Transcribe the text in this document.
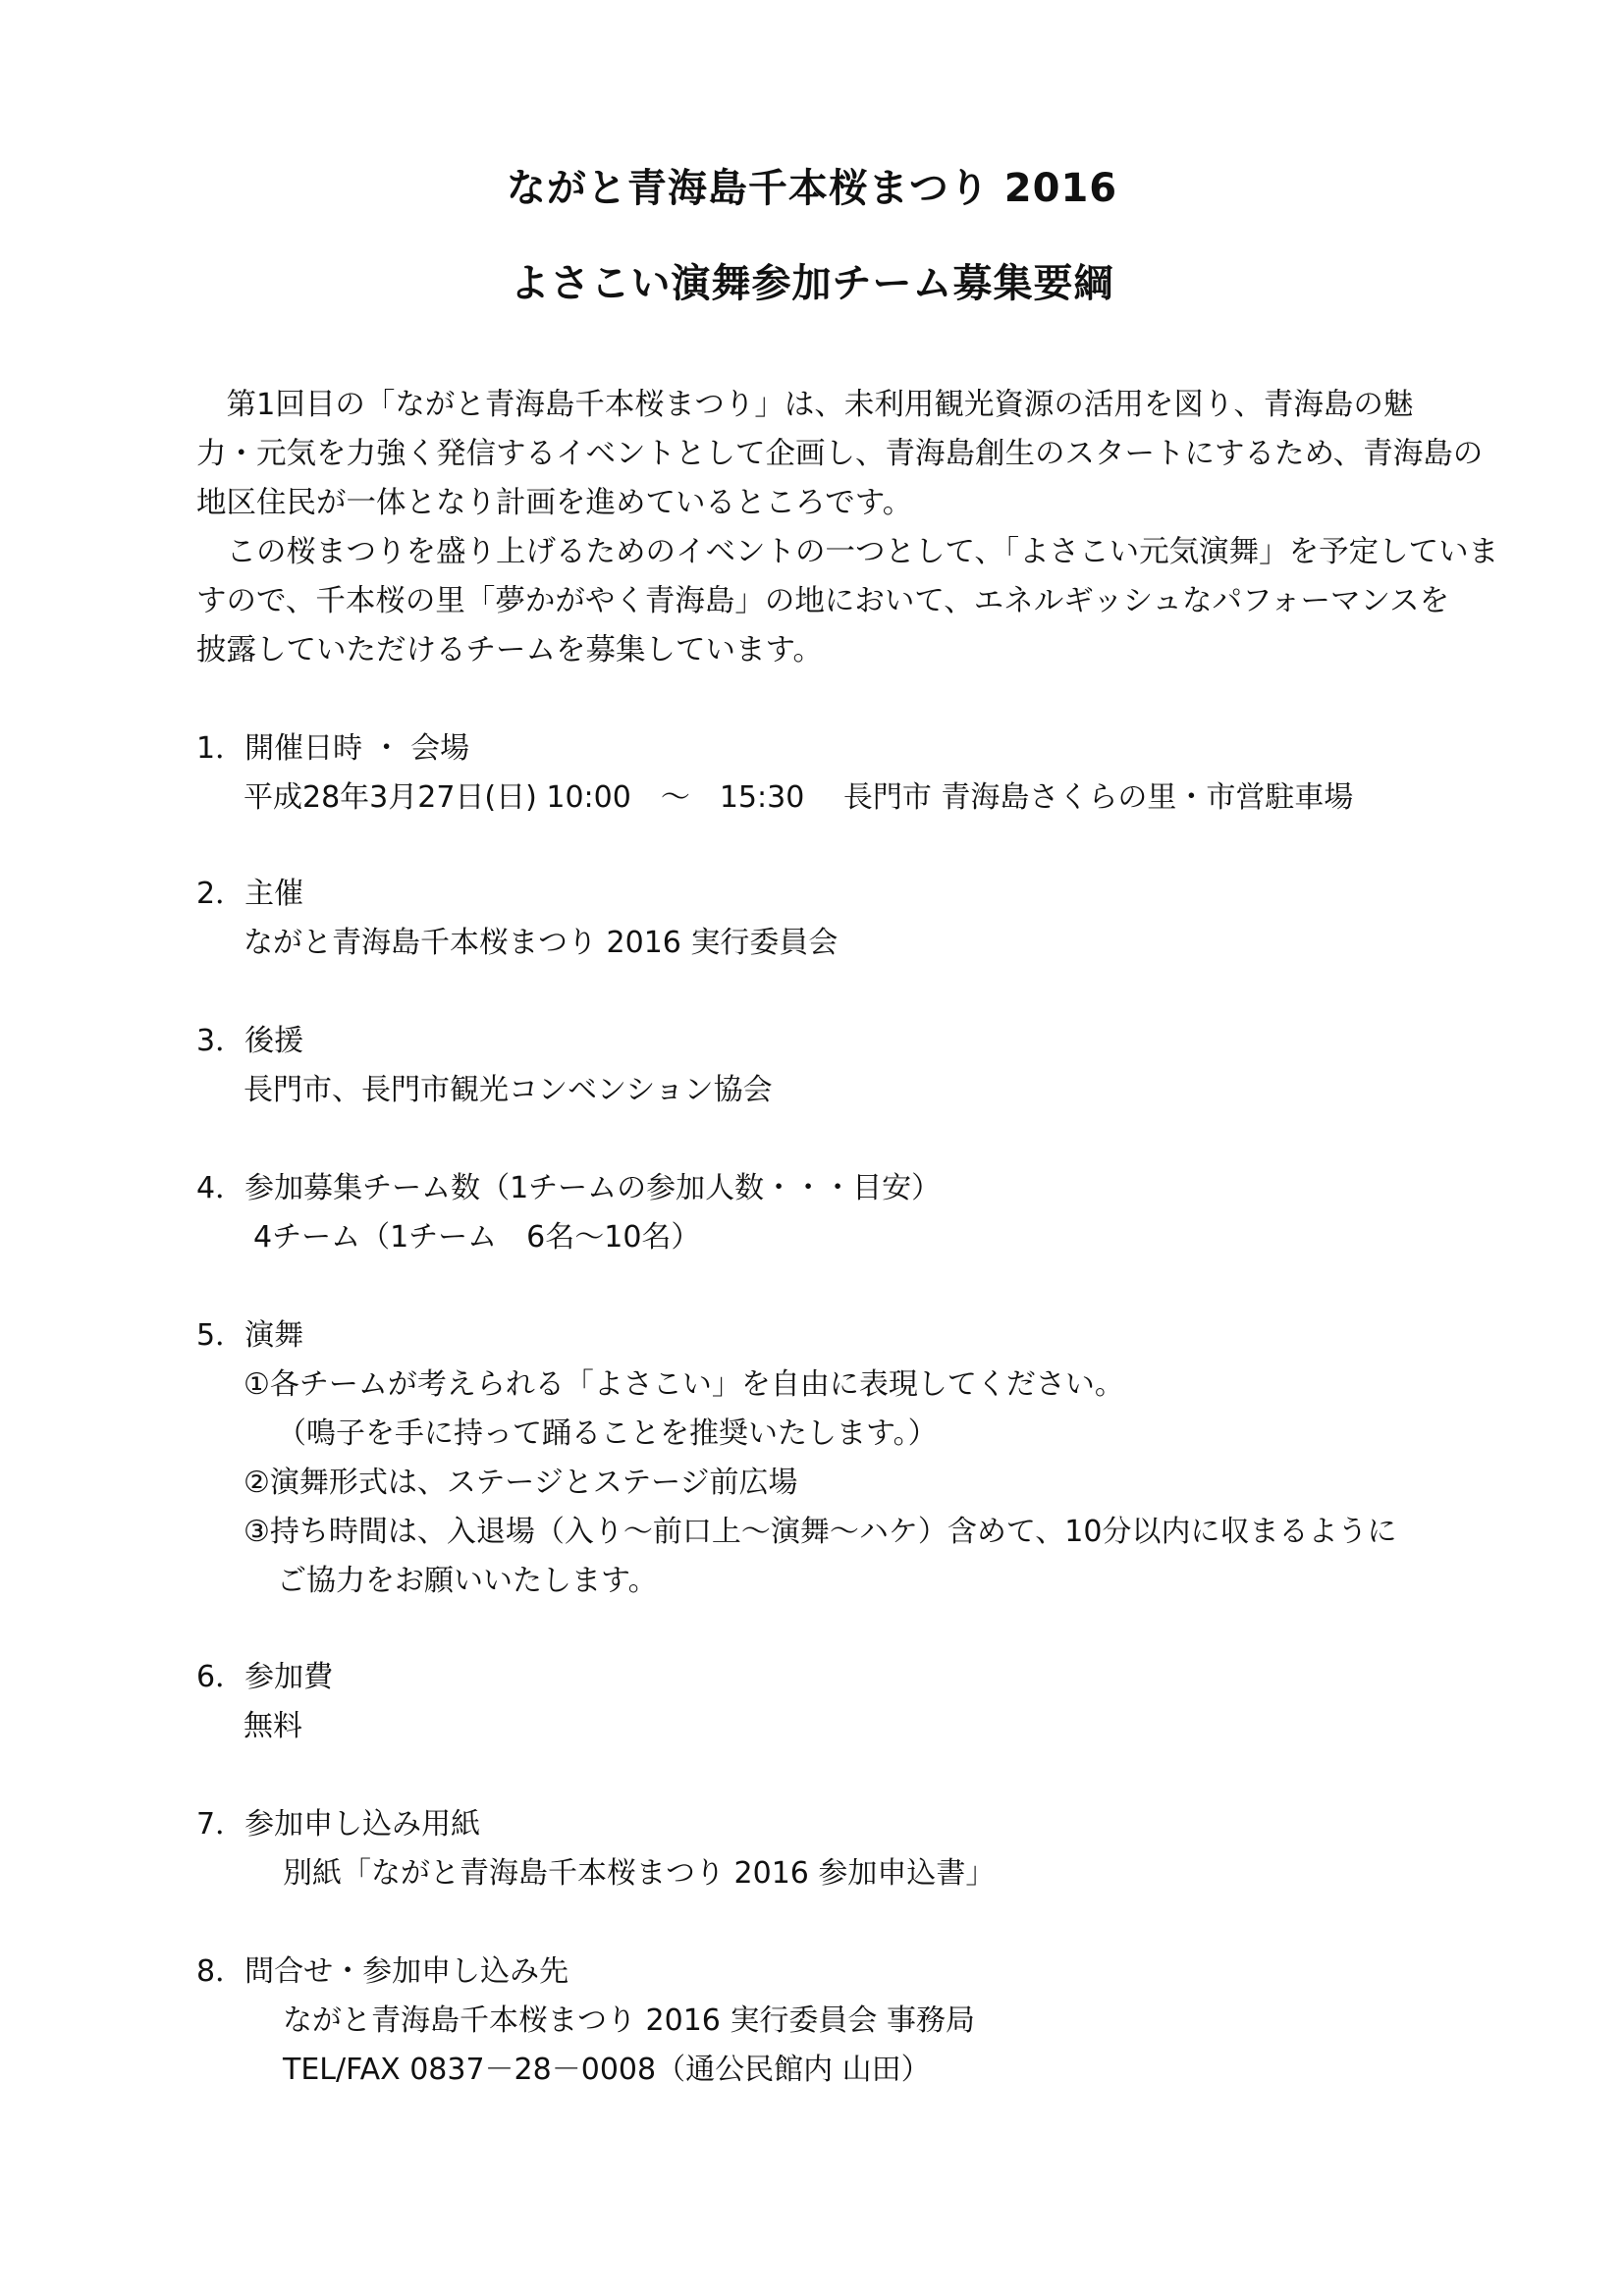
ながと青海島千本桜まつり 2016
よさこい演舞参加チーム募集要綱
　第1回目の「ながと青海島千本桜まつり」は、未利用観光資源の活用を図り、青海島の魅
力・元気を力強く発信するイベントとして企画し、青海島創生のスタートにするため、青海島の
地区住民が一体となり計画を進めているところです。
　この桜まつりを盛り上げるためのイベントの一つとして、「よさこい元気演舞」を予定していま
すので、千本桜の里「夢かがやく青海島」の地において、エネルギッシュなパフォーマンスを
披露していただけるチームを募集しています。
1．開催日時 ・ 会場
平成28年3月27日(日) 10:00　～　15:30　 長門市 青海島さくらの里・市営駐車場
2．主催
ながと青海島千本桜まつり 2016 実行委員会
3．後援
長門市、長門市観光コンベンション協会
4．参加募集チーム数（1チームの参加人数・・・目安）
4チーム（1チーム　6名～10名）
5．演舞
①各チームが考えられる「よさこい」を自由に表現してください。
（鳴子を手に持って踊ることを推奨いたします。）
②演舞形式は、ステージとステージ前広場
③持ち時間は、入退場（入り～前口上～演舞～ハケ）含めて、10分以内に収まるように
ご協力をお願いいたします。
6．参加費
無料
7．参加申し込み用紙
別紙「ながと青海島千本桜まつり 2016 参加申込書」
8．問合せ・参加申し込み先
ながと青海島千本桜まつり 2016 実行委員会 事務局
TEL/FAX 0837－28－0008（通公民館内 山田）
